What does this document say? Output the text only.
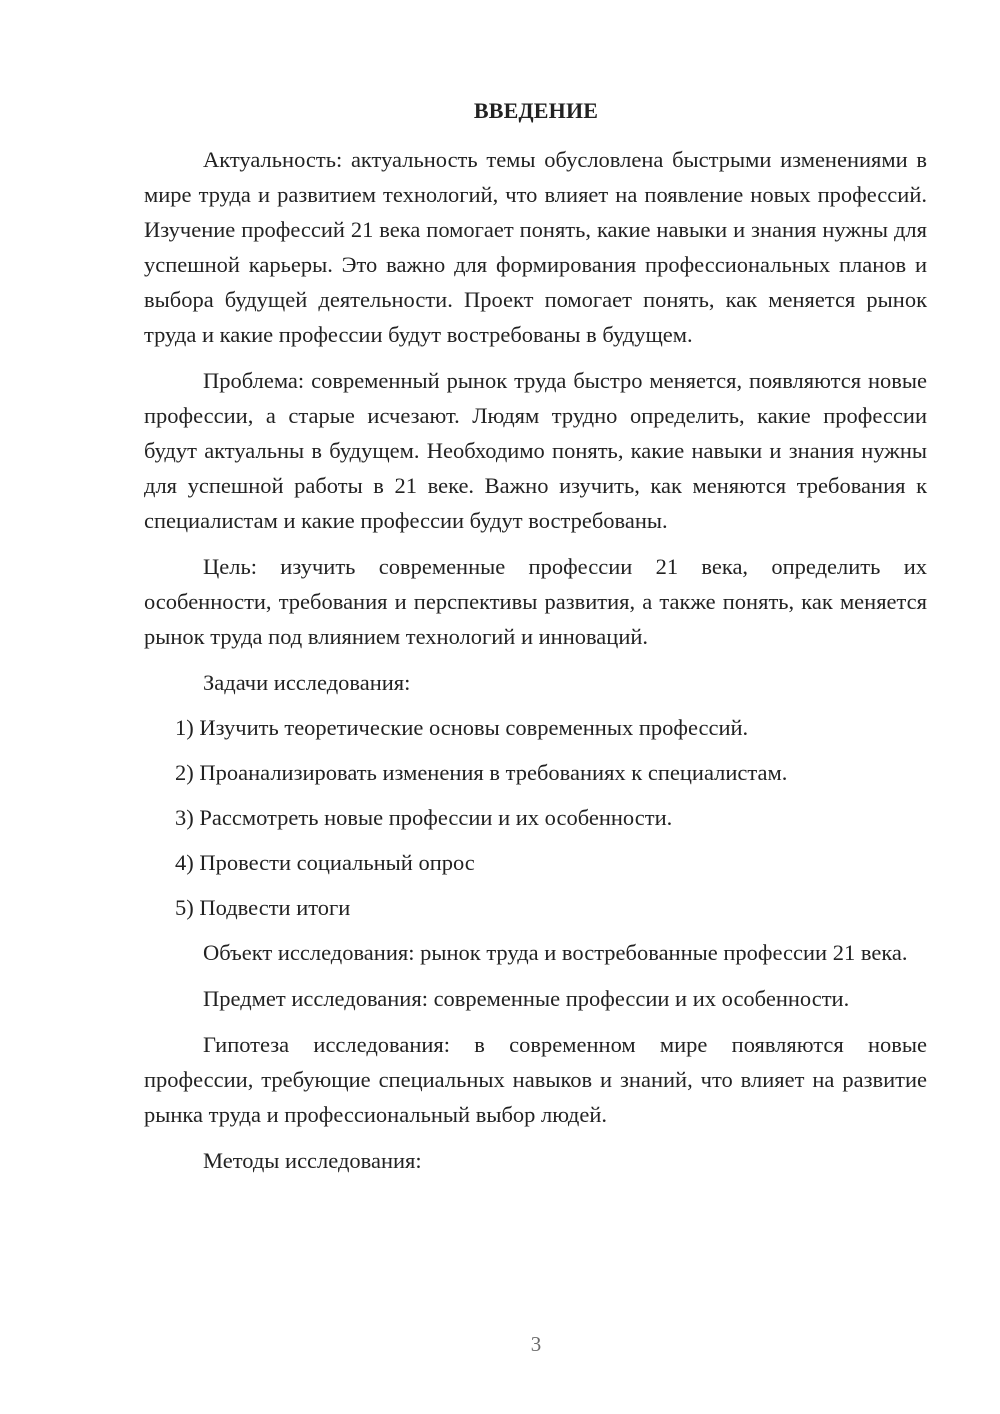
ВВЕДЕНИЕ

Актуальность: актуальность темы обусловлена быстрыми изменениями в мире труда и развитием технологий, что влияет на появление новых профессий. Изучение профессий 21 века помогает понять, какие навыки и знания нужны для успешной карьеры. Это важно для формирования профессиональных планов и выбора будущей деятельности. Проект помогает понять, как меняется рынок труда и какие профессии будут востребованы в будущем.

Проблема: современный рынок труда быстро меняется, появляются новые профессии, а старые исчезают. Людям трудно определить, какие профессии будут актуальны в будущем. Необходимо понять, какие навыки и знания нужны для успешной работы в 21 веке. Важно изучить, как меняются требования к специалистам и какие профессии будут востребованы.

Цель: изучить современные профессии 21 века, определить их особенности, требования и перспективы развития, а также понять, как меняется рынок труда под влиянием технологий и инноваций.

Задачи исследования:

1) Изучить теоретические основы современных профессий.

2) Проанализировать изменения в требованиях к специалистам.

3) Рассмотреть новые профессии и их особенности.

4) Провести социальный опрос

5) Подвести итоги

Объект исследования: рынок труда и востребованные профессии 21 века.

Предмет исследования: современные профессии и их особенности.

Гипотеза исследования: в современном мире появляются новые профессии, требующие специальных навыков и знаний, что влияет на развитие рынка труда и профессиональный выбор людей.

Методы исследования:

3
